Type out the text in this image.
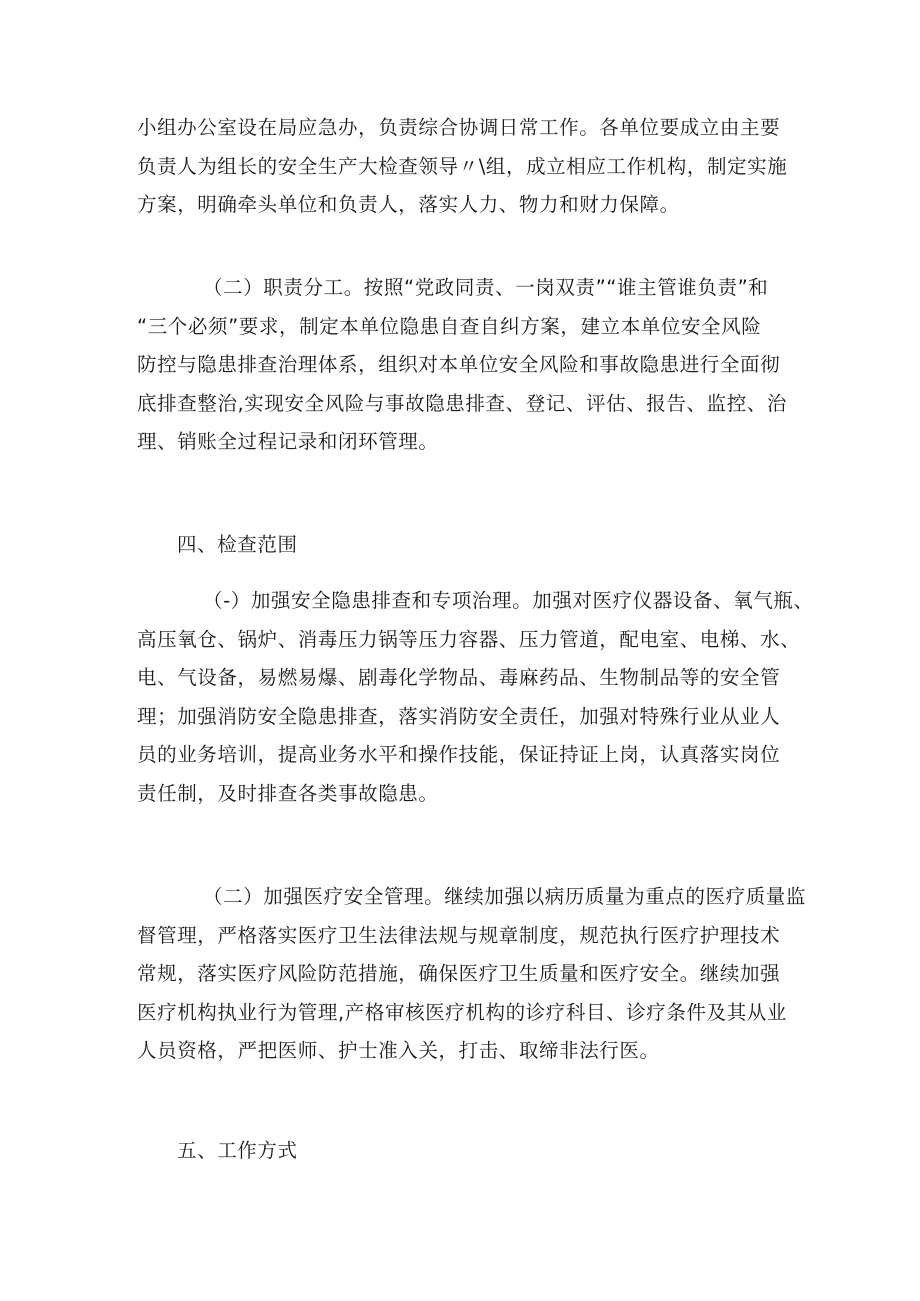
小组办公室设在局应急办，负责综合协调日常工作。各单位要成立由主要
负责人为组长的安全生产大检查领导〃\组，成立相应工作机构，制定实施
方案，明确牵头单位和负责人，落实人力、物力和财力保障。
（二）职责分工。按照“党政同责、一岗双责”“谁主管谁负责”和
“三个必须”要求，制定本单位隐患自查自纠方案，建立本单位安全风险
防控与隐患排查治理体系，组织对本单位安全风险和事故隐患进行全面彻
底排查整治,实现安全风险与事故隐患排查、登记、评估、报告、监控、治
理、销账全过程记录和闭环管理。
四、检查范围
（-）加强安全隐患排查和专项治理。加强对医疗仪器设备、氧气瓶、
高压氧仓、锅炉、消毒压力锅等压力容器、压力管道，配电室、电梯、水、
电、气设备，易燃易爆、剧毒化学物品、毒麻药品、生物制品等的安全管
理；加强消防安全隐患排查，落实消防安全责任，加强对特殊行业从业人
员的业务培训，提高业务水平和操作技能，保证持证上岗，认真落实岗位
责任制，及时排查各类事故隐患。
（二）加强医疗安全管理。继续加强以病历质量为重点的医疗质量监
督管理，严格落实医疗卫生法律法规与规章制度，规范执行医疗护理技术
常规，落实医疗风险防范措施，确保医疗卫生质量和医疗安全。继续加强
医疗机构执业行为管理,产格审核医疗机构的诊疗科目、诊疗条件及其从业
人员资格，严把医师、护士准入关，打击、取缔非法行医。
五、工作方式
